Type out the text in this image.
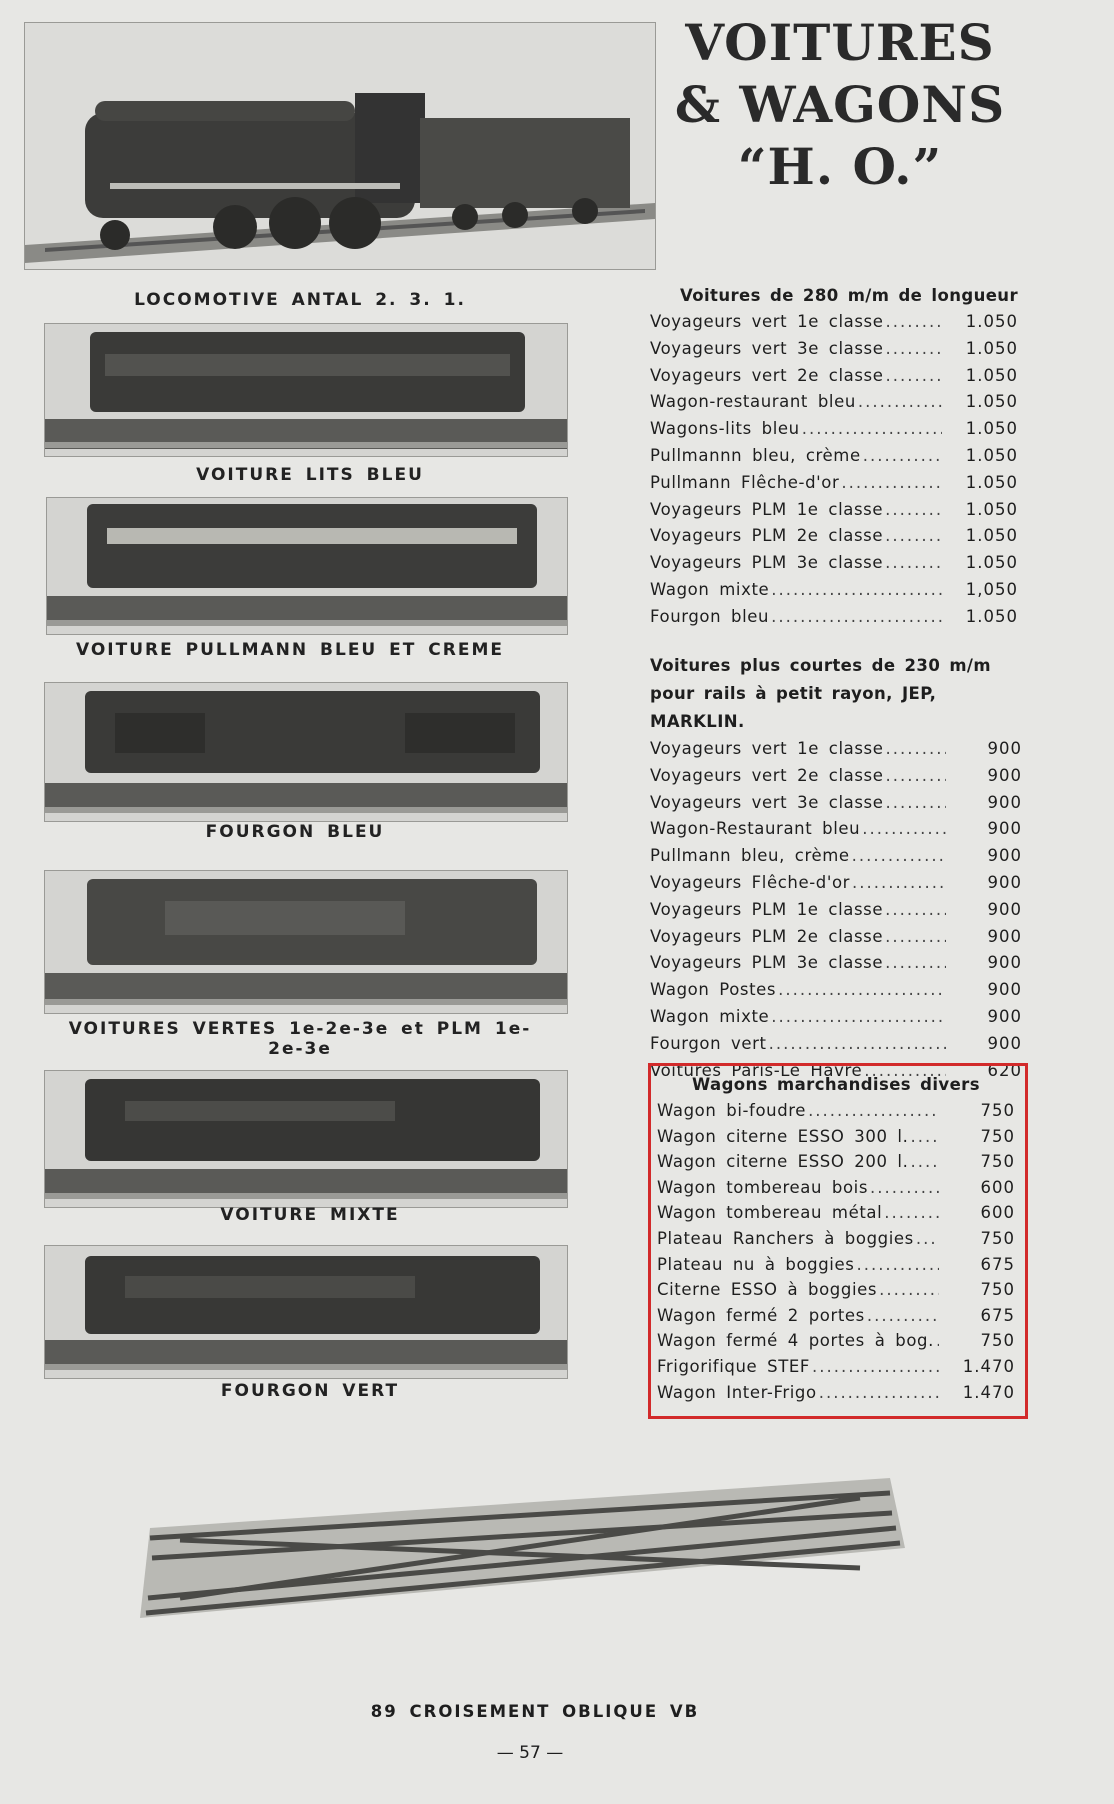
VOITURES
& WAGONS
“H. O.”
LOCOMOTIVE ANTAL 2. 3. 1.
VOITURE LITS BLEU
VOITURE PULLMANN BLEU ET CREME
FOURGON BLEU
VOITURES VERTES 1e-2e-3e et PLM 1e-2e-3e
VOITURE MIXTE
FOURGON VERT
89 CROISEMENT OBLIQUE VB
— 57 —
Voitures de 280 m/m de longueur
Voyageurs vert 1e classe .....	1.050
Voyageurs vert 3e classe .....	1.050
Voyageurs vert 2e classe .....	1.050
Wagon-restaurant bleu .....	1.050
Wagons-lits bleu .....	1.050
Pullmannn bleu, crème .....	1.050
Pullmann Flêche-d'or .....	1.050
Voyageurs PLM 1e classe .....	1.050
Voyageurs PLM 2e classe .....	1.050
Voyageurs PLM 3e classe .....	1.050
Wagon mixte .....	1,050
Fourgon bleu .....	1.050
Voitures plus courtes de 230 m/m pour rails à petit rayon, JEP, MARKLIN.
Voyageurs vert 1e classe .....	900
Voyageurs vert 2e classe .....	900
Voyageurs vert 3e classe .....	900
Wagon-Restaurant bleu .....	900
Pullmann bleu, crème .....	900
Voyageurs Flêche-d'or .....	900
Voyageurs PLM 1e classe .....	900
Voyageurs PLM 2e classe .....	900
Voyageurs PLM 3e classe .....	900
Wagon Postes .....	900
Wagon mixte .....	900
Fourgon vert .....	900
Voitures Paris-Le Havre .....	620
Wagons marchandises divers
Wagon bi-foudre .....	750
Wagon citerne ESSO 300 l. .....	750
Wagon citerne ESSO 200 l. .....	750
Wagon tombereau bois .....	600
Wagon tombereau métal .....	600
Plateau Ranchers à boggies .....	750
Plateau nu à boggies .....	675
Citerne ESSO à boggies .....	750
Wagon fermé 2 portes .....	675
Wagon fermé 4 portes à bog. .....	750
Frigorifique STEF .....	1.470
Wagon Inter-Frigo .....	1.470
